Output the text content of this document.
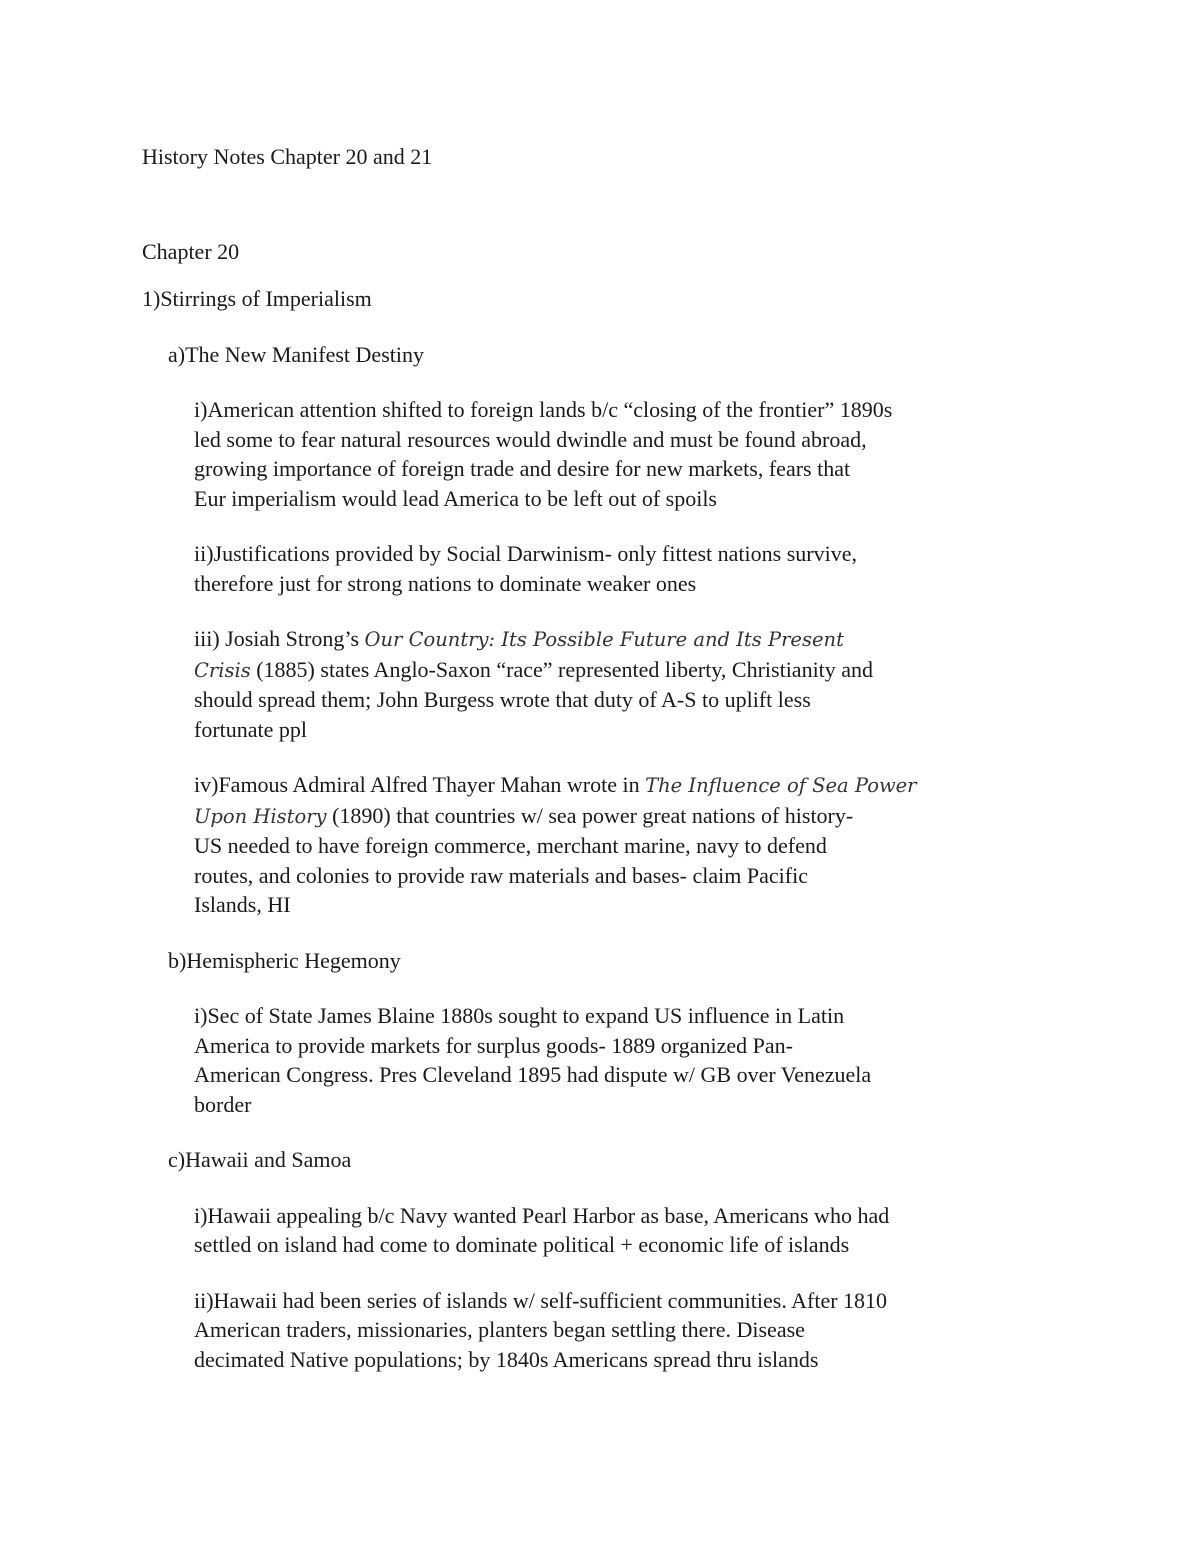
History Notes Chapter 20 and 21
Chapter 20
1)Stirrings of Imperialism
a)The New Manifest Destiny
i)American attention shifted to foreign lands b/c “closing of the frontier” 1890s
led some to fear natural resources would dwindle and must be found abroad,
growing importance of foreign trade and desire for new markets, fears that
Eur imperialism would lead America to be left out of spoils
ii)Justifications provided by Social Darwinism- only fittest nations survive,
therefore just for strong nations to dominate weaker ones
iii) Josiah Strong’s Our Country: Its Possible Future and Its Present
Crisis (1885) states Anglo-Saxon “race” represented liberty, Christianity and
should spread them; John Burgess wrote that duty of A-S to uplift less
fortunate ppl
iv)Famous Admiral Alfred Thayer Mahan wrote in The Influence of Sea Power
Upon History (1890) that countries w/ sea power great nations of history-
US needed to have foreign commerce, merchant marine, navy to defend
routes, and colonies to provide raw materials and bases- claim Pacific
Islands, HI
b)Hemispheric Hegemony
i)Sec of State James Blaine 1880s sought to expand US influence in Latin
America to provide markets for surplus goods- 1889 organized Pan-
American Congress. Pres Cleveland 1895 had dispute w/ GB over Venezuela
border
c)Hawaii and Samoa
i)Hawaii appealing b/c Navy wanted Pearl Harbor as base, Americans who had
settled on island had come to dominate political + economic life of islands
ii)Hawaii had been series of islands w/ self-sufficient communities. After 1810
American traders, missionaries, planters began settling there. Disease
decimated Native populations; by 1840s Americans spread thru islands
